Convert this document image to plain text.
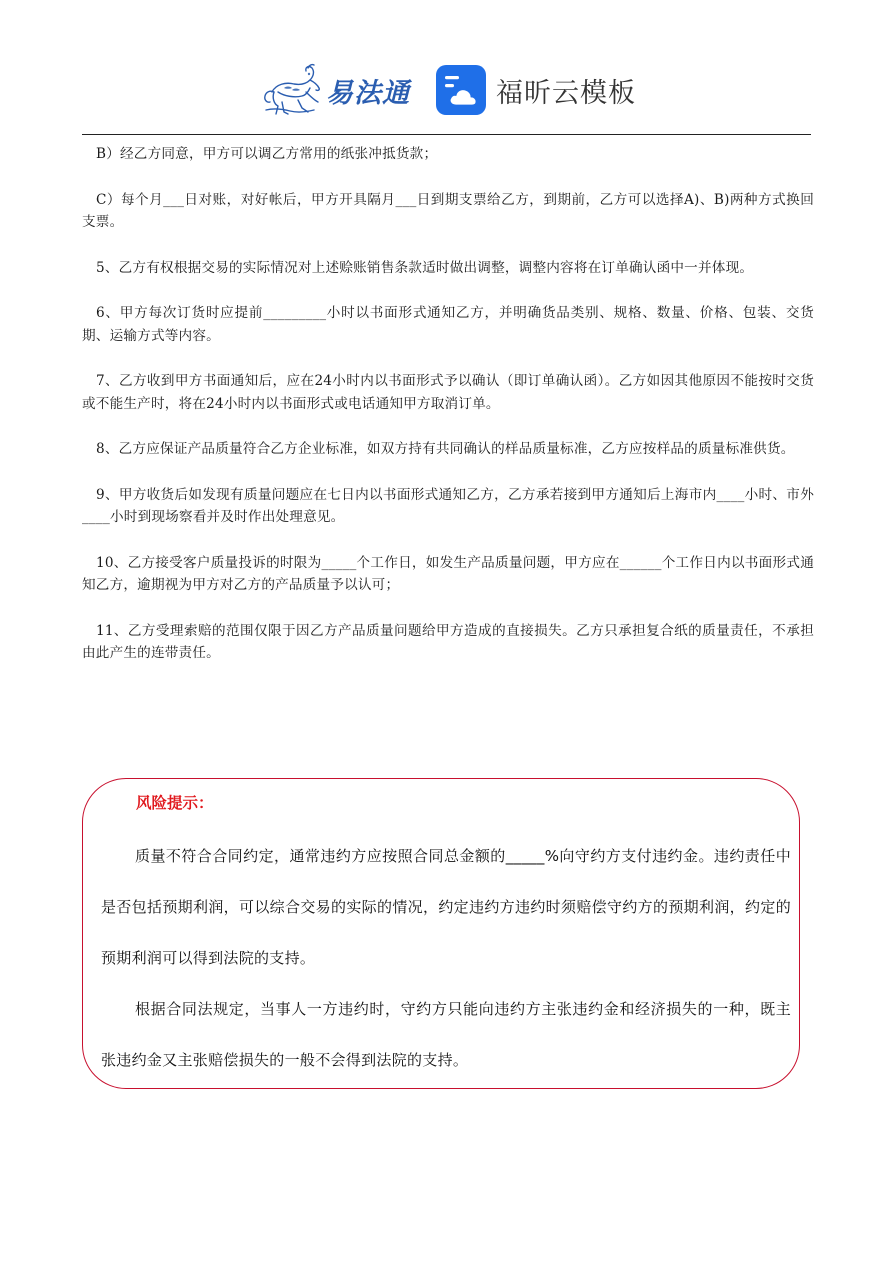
易法通	福昕云模板

B）经乙方同意，甲方可以调乙方常用的纸张冲抵货款；

C）每个月___日对账，对好帐后，甲方开具隔月___日到期支票给乙方，到期前，乙方可以选择A)、B)两种方式换回支票。

5、乙方有权根据交易的实际情况对上述赊账销售条款适时做出调整，调整内容将在订单确认函中一并体现。

6、甲方每次订货时应提前_________小时以书面形式通知乙方，并明确货品类别、规格、数量、价格、包装、交货期、运输方式等内容。

7、乙方收到甲方书面通知后，应在24小时内以书面形式予以确认（即订单确认函）。乙方如因其他原因不能按时交货或不能生产时，将在24小时内以书面形式或电话通知甲方取消订单。

8、乙方应保证产品质量符合乙方企业标准，如双方持有共同确认的样品质量标准，乙方应按样品的质量标准供货。

9、甲方收货后如发现有质量问题应在七日内以书面形式通知乙方，乙方承若接到甲方通知后上海市内____小时、市外____小时到现场察看并及时作出处理意见。

10、乙方接受客户质量投诉的时限为_____个工作日，如发生产品质量问题，甲方应在______个工作日内以书面形式通知乙方，逾期视为甲方对乙方的产品质量予以认可；

11、乙方受理索赔的范围仅限于因乙方产品质量问题给甲方造成的直接损失。乙方只承担复合纸的质量责任，不承担由此产生的连带责任。

风险提示：

质量不符合合同约定，通常违约方应按照合同总金额的_____%向守约方支付违约金。违约责任中是否包括预期利润，可以综合交易的实际的情况，约定违约方违约时须赔偿守约方的预期利润，约定的预期利润可以得到法院的支持。

根据合同法规定，当事人一方违约时，守约方只能向违约方主张违约金和经济损失的一种，既主张违约金又主张赔偿损失的一般不会得到法院的支持。
